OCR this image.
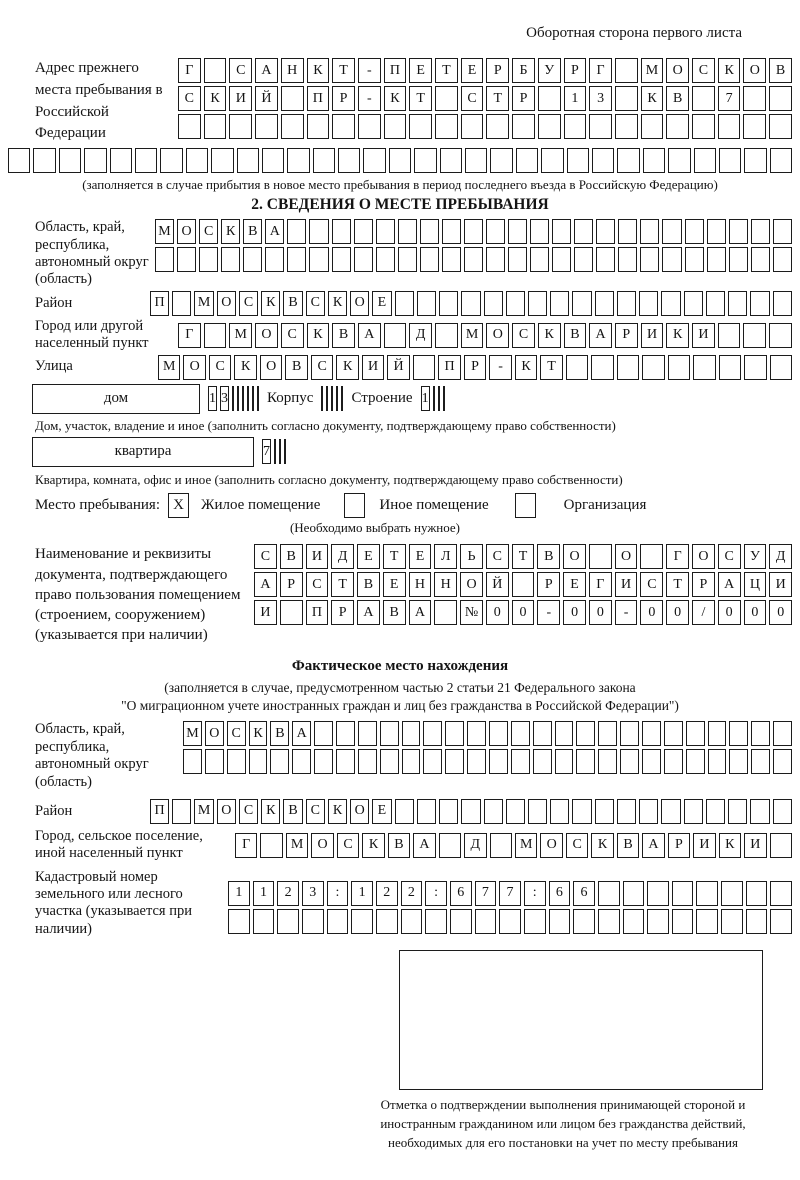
Оборотная сторона первого листа
Адрес прежнего места пребывания в Российской Федерации
Г	С	А	Н	К	Т	-	П	Е	Т	Е	Р	Б	У	Р	Г	М	О	С	К	О	В
С	К	И	Й	П	Р	-	К	Т	С	Т	Р	1	3	К	В	7
(заполняется в случае прибытия в новое место пребывания в период последнего въезда в Российскую Федерацию)
2. СВЕДЕНИЯ О МЕСТЕ ПРЕБЫВАНИЯ
Область, край, республика, автономный округ (область)
М О С К В А
Район	П	М О С К В С К О Е
Город или другой населенный пункт
Г	М	О	С	К	В	А	Д	М	О	С	К	В	А	Р	И	К	И
Улица	М	О	С	К	О	В	С	К	И	Й	П	Р	-	К	Т
дом	1 3	Корпус	Строение 1
Дом, участок, владение и иное (заполнить согласно документу, подтверждающему право собственности)
квартира	7
Квартира, комната, офис и иное (заполнить согласно документу, подтверждающему право собственности)
Место пребывания: X	Жилое помещение	Иное помещение	Организация
(Необходимо выбрать нужное)
Наименование и реквизиты документа, подтверждающего право пользования помещением (строением, сооружением) (указывается при наличии)
С	В	И	Д	Е	Т	Е	Л	Ь	С	Т	В	О	О	Г	О	С	У	Д
А	Р	С	Т	В	Е	Н	Н	О	Й	Р	Е	Г	И	С	Т	Р	А	Ц	И
И	П	Р	А	В	А	№	0	0	-	0	0	-	0	0	/	0	0	0
Фактическое место нахождения
(заполняется в случае, предусмотренном частью 2 статьи 21 Федерального закона
"О миграционном учете иностранных граждан и лиц без гражданства в Российской Федерации")
Область, край, республика, автономный округ (область)
М О С К В А
Район	П	М О С К В С К О Е
Город, сельское поселение, иной населенный пункт
Г	М	О	С	К	В	А	Д	М	О	С	К	В	А	Р	И	К	И
Кадастровый номер земельного или лесного участка (указывается при наличии)
1	1	2	3	:	1	2	2	:	6	7	7	:	6	6
Отметка о подтверждении выполнения принимающей стороной и иностранным гражданином или лицом без гражданства действий, необходимых для его постановки на учет по месту пребывания
